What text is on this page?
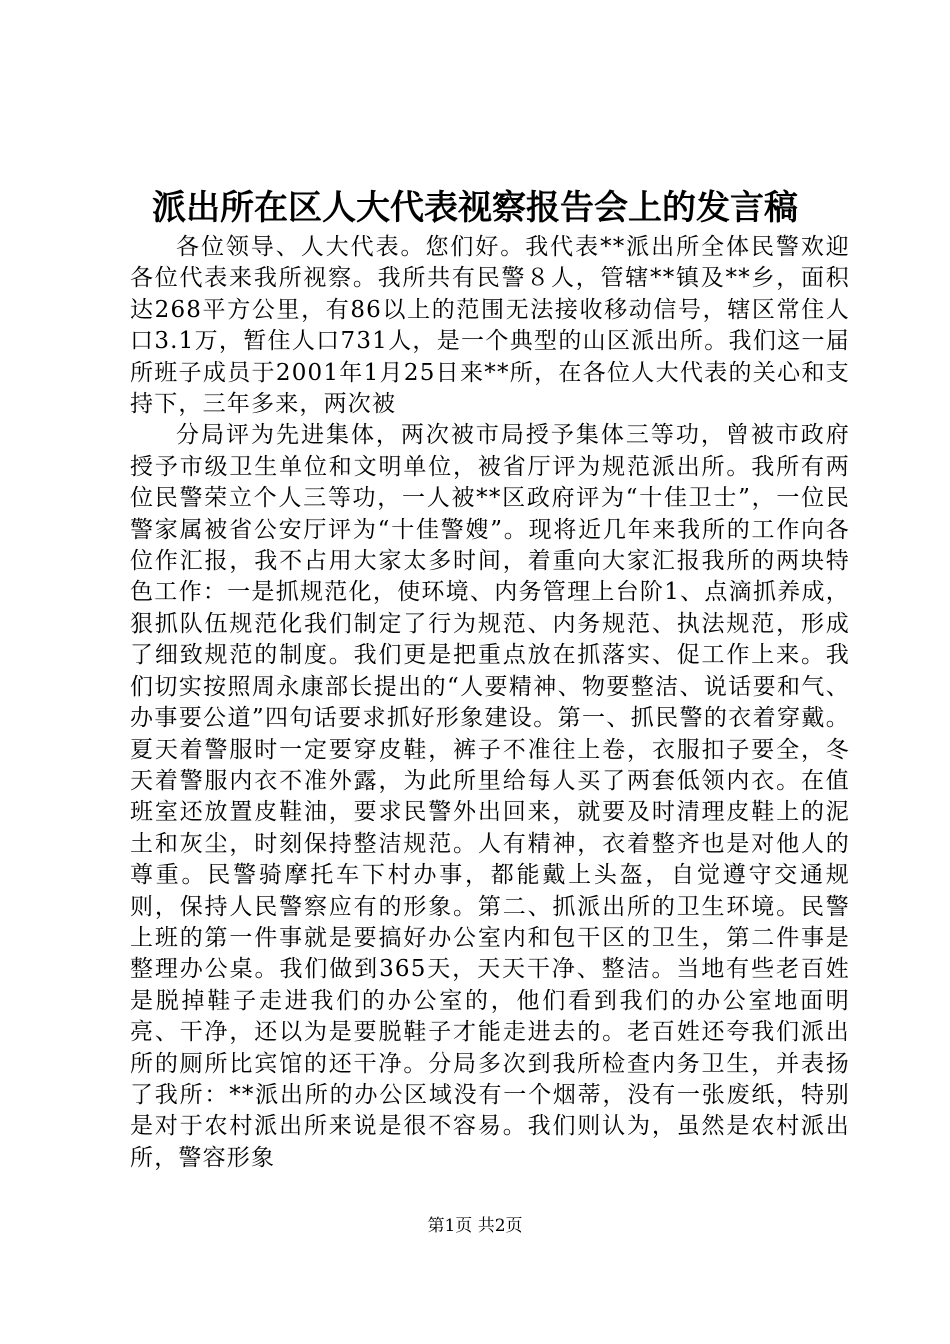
派出所在区人大代表视察报告会上的发言稿

各位领导、人大代表。您们好。我代表**派出所全体民警欢迎各位代表来我所视察。我所共有民警８人，管辖**镇及**乡，面积达268平方公里，有86以上的范围无法接收移动信号，辖区常住人口3.1万，暂住人口731人，是一个典型的山区派出所。我们这一届所班子成员于2001年1月25日来**所，在各位人大代表的关心和支持下，三年多来，两次被

分局评为先进集体，两次被市局授予集体三等功，曾被市政府授予市级卫生单位和文明单位，被省厅评为规范派出所。我所有两位民警荣立个人三等功，一人被**区政府评为“十佳卫士”，一位民警家属被省公安厅评为“十佳警嫂”。现将近几年来我所的工作向各位作汇报，我不占用大家太多时间，着重向大家汇报我所的两块特色工作：一是抓规范化，使环境、内务管理上台阶1、点滴抓养成，狠抓队伍规范化我们制定了行为规范、内务规范、执法规范，形成了细致规范的制度。我们更是把重点放在抓落实、促工作上来。我们切实按照周永康部长提出的“人要精神、物要整洁、说话要和气、办事要公道”四句话要求抓好形象建设。第一、抓民警的衣着穿戴。夏天着警服时一定要穿皮鞋，裤子不准往上卷，衣服扣子要全，冬天着警服内衣不准外露，为此所里给每人买了两套低领内衣。在值班室还放置皮鞋油，要求民警外出回来，就要及时清理皮鞋上的泥土和灰尘，时刻保持整洁规范。人有精神，衣着整齐也是对他人的尊重。民警骑摩托车下村办事，都能戴上头盔，自觉遵守交通规则，保持人民警察应有的形象。第二、抓派出所的卫生环境。民警上班的第一件事就是要搞好办公室内和包干区的卫生，第二件事是整理办公桌。我们做到365天，天天干净、整洁。当地有些老百姓是脱掉鞋子走进我们的办公室的，他们看到我们的办公室地面明亮、干净，还以为是要脱鞋子才能走进去的。老百姓还夸我们派出所的厕所比宾馆的还干净。分局多次到我所检查内务卫生，并表扬了我所：**派出所的办公区域没有一个烟蒂，没有一张废纸，特别是对于农村派出所来说是很不容易。我们则认为，虽然是农村派出所，警容形象

第1页 共2页
